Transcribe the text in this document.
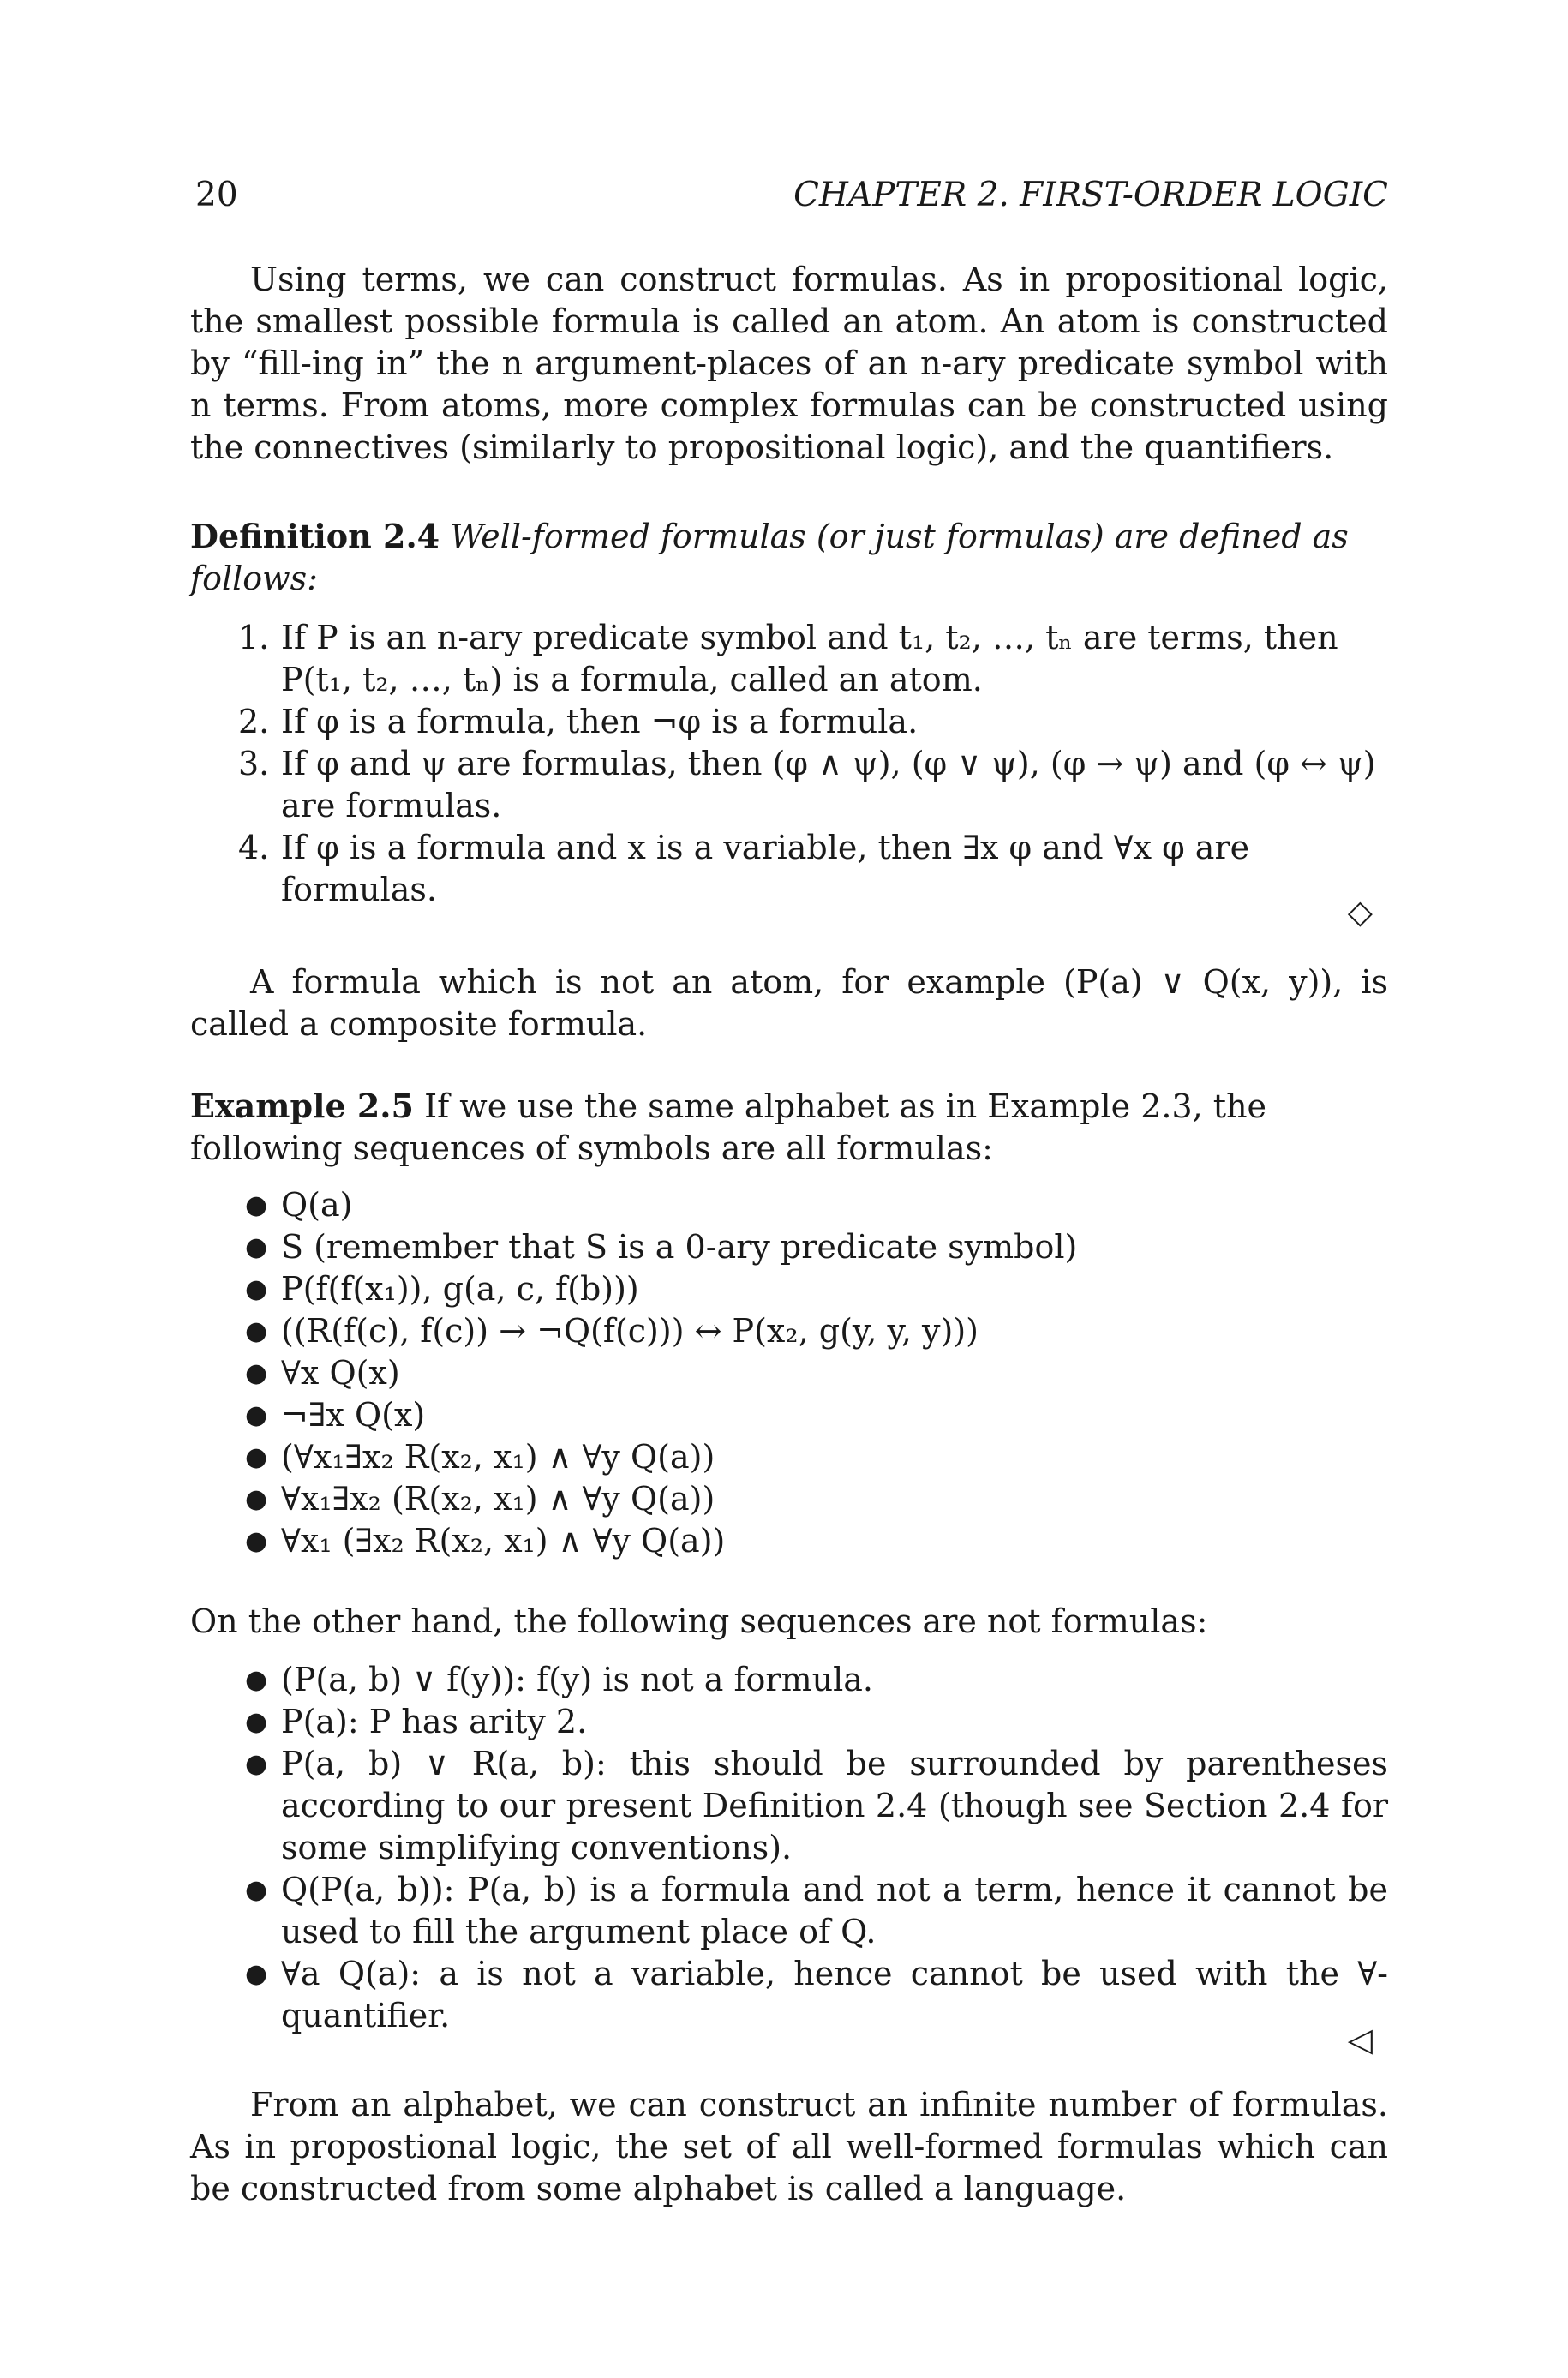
20	CHAPTER 2. FIRST-ORDER LOGIC

Using terms, we can construct formulas. As in propositional logic, the smallest possible formula is called an atom. An atom is constructed by “fill-ing in” the n argument-places of an n-ary predicate symbol with n terms. From atoms, more complex formulas can be constructed using the connectives (similarly to propositional logic), and the quantifiers.

Definition 2.4 Well-formed formulas (or just formulas) are defined as follows:

1. If P is an n-ary predicate symbol and t₁, t₂, …, tₙ are terms, then P(t₁, t₂, …, tₙ) is a formula, called an atom.
2. If φ is a formula, then ¬φ is a formula.
3. If φ and ψ are formulas, then (φ ∧ ψ), (φ ∨ ψ), (φ → ψ) and (φ ↔ ψ) are formulas.
4. If φ is a formula and x is a variable, then ∃x φ and ∀x φ are formulas.
◇

A formula which is not an atom, for example (P(a) ∨ Q(x, y)), is called a composite formula.

Example 2.5 If we use the same alphabet as in Example 2.3, the following sequences of symbols are all formulas:

● Q(a)
● S (remember that S is a 0-ary predicate symbol)
● P(f(f(x₁)), g(a, c, f(b)))
● ((R(f(c), f(c)) → ¬Q(f(c))) ↔ P(x₂, g(y, y, y)))
● ∀x Q(x)
● ¬∃x Q(x)
● (∀x₁∃x₂ R(x₂, x₁) ∧ ∀y Q(a))
● ∀x₁∃x₂ (R(x₂, x₁) ∧ ∀y Q(a))
● ∀x₁ (∃x₂ R(x₂, x₁) ∧ ∀y Q(a))

On the other hand, the following sequences are not formulas:

● (P(a, b) ∨ f(y)): f(y) is not a formula.
● P(a): P has arity 2.
● P(a, b) ∨ R(a, b): this should be surrounded by parentheses according to our present Definition 2.4 (though see Section 2.4 for some simplifying conventions).
● Q(P(a, b)): P(a, b) is a formula and not a term, hence it cannot be used to fill the argument place of Q.
● ∀a Q(a): a is not a variable, hence cannot be used with the ∀-quantifier.
◁

From an alphabet, we can construct an infinite number of formulas. As in propostional logic, the set of all well-formed formulas which can be constructed from some alphabet is called a language.
